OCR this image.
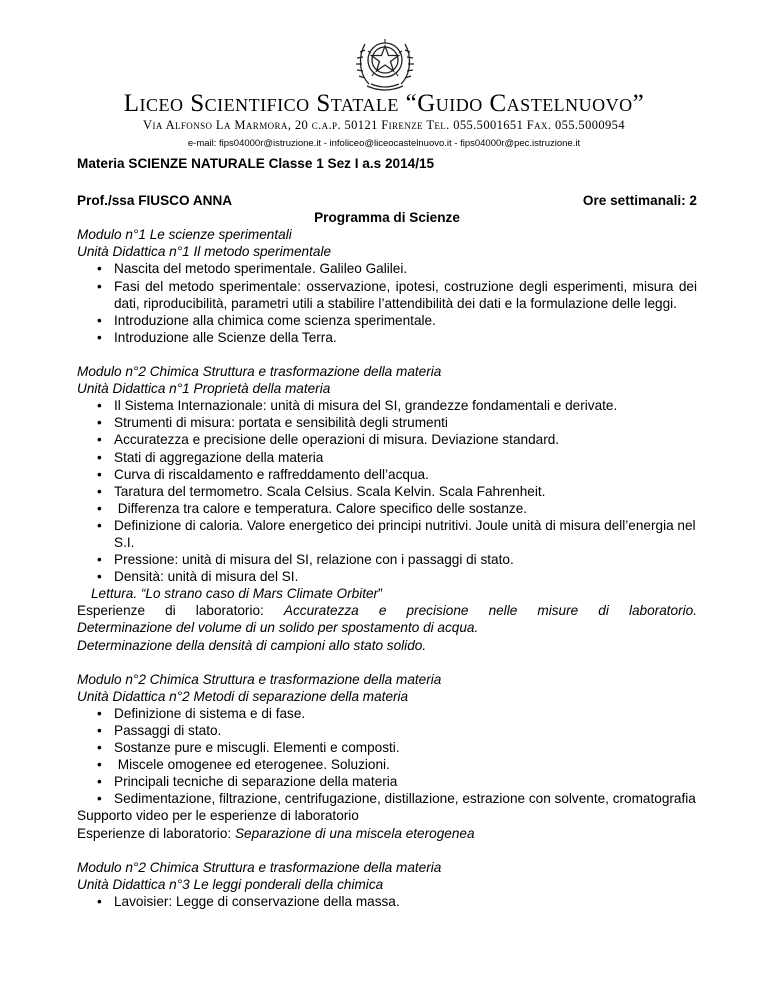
Liceo Scientifico Statale “Guido Castelnuovo”
Via Alfonso La Marmora, 20 c.a.p. 50121 Firenze Tel. 055.5001651 Fax. 055.5000954
e-mail: fips04000r@istruzione.it - infoliceo@liceocastelnuovo.it - fips04000r@pec.istruzione.it

Materia SCIENZE NATURALE Classe 1 Sez I a.s 2014/15

Prof./ssa FIUSCO ANNA	Ore settimanali: 2

Programma di Scienze

Modulo n°1 Le scienze sperimentali

Unità Didattica n°1 Il metodo sperimentale

• Nascita del metodo sperimentale. Galileo Galilei.
• Fasi del metodo sperimentale: osservazione, ipotesi, costruzione degli esperimenti, misura dei dati, riproducibilità, parametri utili a stabilire l’attendibilità dei dati e la formulazione delle leggi.
• Introduzione alla chimica come scienza sperimentale.
• Introduzione alle Scienze della Terra.

Modulo n°2 Chimica Struttura e trasformazione della materia

Unità Didattica n°1 Proprietà della materia

• Il Sistema Internazionale: unità di misura del SI, grandezze fondamentali e derivate.
• Strumenti di misura: portata e sensibilità degli strumenti
• Accuratezza e precisione delle operazioni di misura. Deviazione standard.
• Stati di aggregazione della materia
• Curva di riscaldamento e raffreddamento dell’acqua.
• Taratura del termometro. Scala Celsius. Scala Kelvin. Scala Fahrenheit.
• Differenza tra calore e temperatura. Calore specifico delle sostanze.
• Definizione di caloria. Valore energetico dei principi nutritivi. Joule unità di misura dell’energia nel S.I.
• Pressione: unità di misura del SI, relazione con i passaggi di stato.
• Densità: unità di misura del SI.

Lettura. “Lo strano caso di Mars Climate Orbiter”

Esperienze di laboratorio: Accuratezza e precisione nelle misure di laboratorio.

Determinazione del volume di un solido per spostamento di acqua.

Determinazione della densità di campioni allo stato solido.

Modulo n°2 Chimica Struttura e trasformazione della materia

Unità Didattica n°2 Metodi di separazione della materia

• Definizione di sistema e di fase.
• Passaggi di stato.
• Sostanze pure e miscugli. Elementi e composti.
• Miscele omogenee ed eterogenee. Soluzioni.
• Principali tecniche di separazione della materia
• Sedimentazione, filtrazione, centrifugazione, distillazione, estrazione con solvente, cromatografia

Supporto video per le esperienze di laboratorio

Esperienze di laboratorio: Separazione di una miscela eterogenea

Modulo n°2 Chimica Struttura e trasformazione della materia

Unità Didattica n°3 Le leggi ponderali della chimica

• Lavoisier: Legge di conservazione della massa.
